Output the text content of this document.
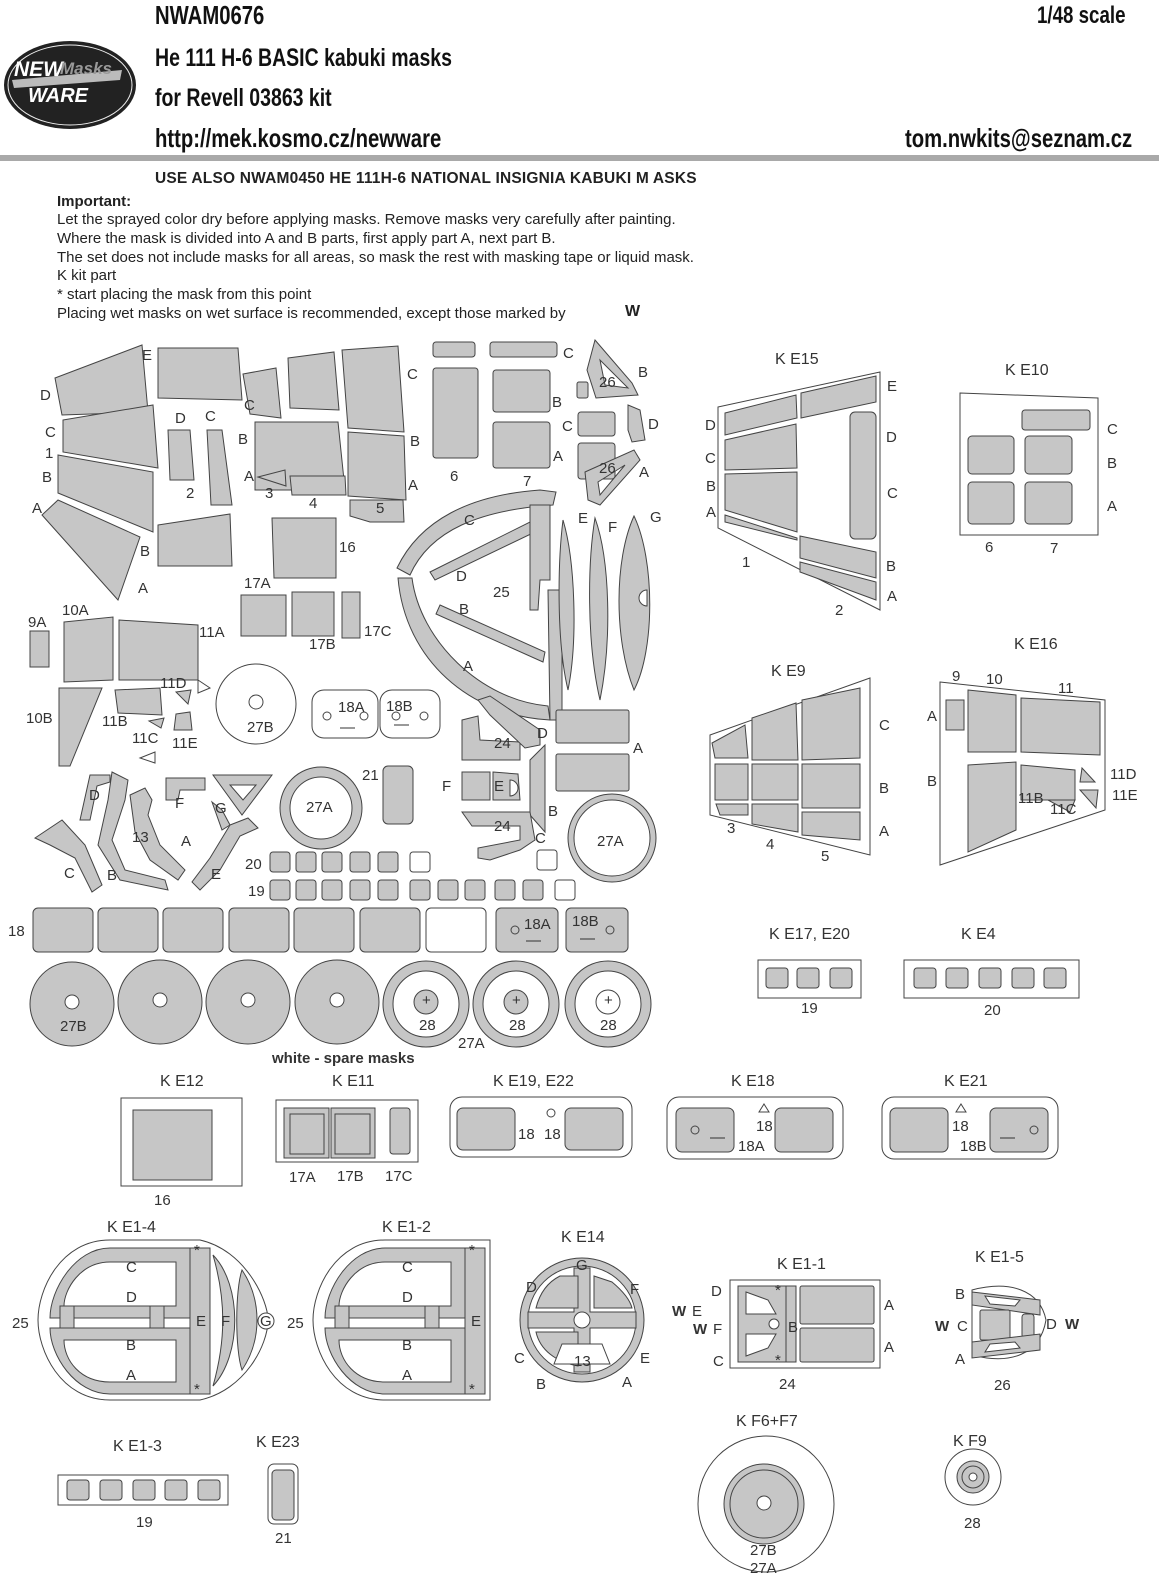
NWAM0676	1/48 scale
He 111 H-6 BASIC kabuki masks
for Revell 03863 kit
http://mek.kosmo.cz/newware	tom.nwkits@seznam.cz
NEW
Masks
WARE
USE ALSO NWAM0450 HE 111H-6 NATIONAL INSIGNIA KABUKI M ASKS
Important:
Let the sprayed color dry before applying masks. Remove masks very carefully after painting.
Where the mask is divided into A and B parts, first apply part A, next part B.
The set does not include masks for all areas, so mask the rest with masking tape or liquid mask.
K kit part
* start placing the mask from this point
Placing wet masks on wet surface is recommended, except those marked by	W
E
D
C
1
B
A
D C
2
B
A
C
B
A
3
4	5
C
B
A
16
17A
17B
17C
9A
10A
11A
10B	11B
11D
11C 11E
27B
18A 18B
—	—
C
B
A
6	7
C
B
26
D
26 A
C
D
25
B
A
E
F
G
D
13
F G
A
C B	E
27A
21
24
D
A
F	E
B
24
C	27A
20
19
18	18A 18B
—	—
27B	28	28	28
27A
+	+	+
white - spare masks
K E15
K E10
K E9
K E16
K E17, E20	K E4
K E12	K E11	K E19, E22	K E18	K E21
K E1-4	K E1-2
K E14
K E1-1	K E1-5
K E1-3	K E23
K F6+F7
K F9
E
D
C
B
A
D
C
B
A
1
2
C
B
A
6	7
C
B
A
3
4
5
9 10
11
A
B
11B
11C
11D
11E
19	20
16
17A 17B 17C
18 18	18
18A
—
18
18B
—
C
D
B
A
E F G
25
*
*
C
D
B
A
E
25
*
*
G
D	F
C	E
B	A
13
D
E
W
F
W
C
B
A
A
24
*
*
B
C
W
A
D W
26
19
21
27B
27A
28
